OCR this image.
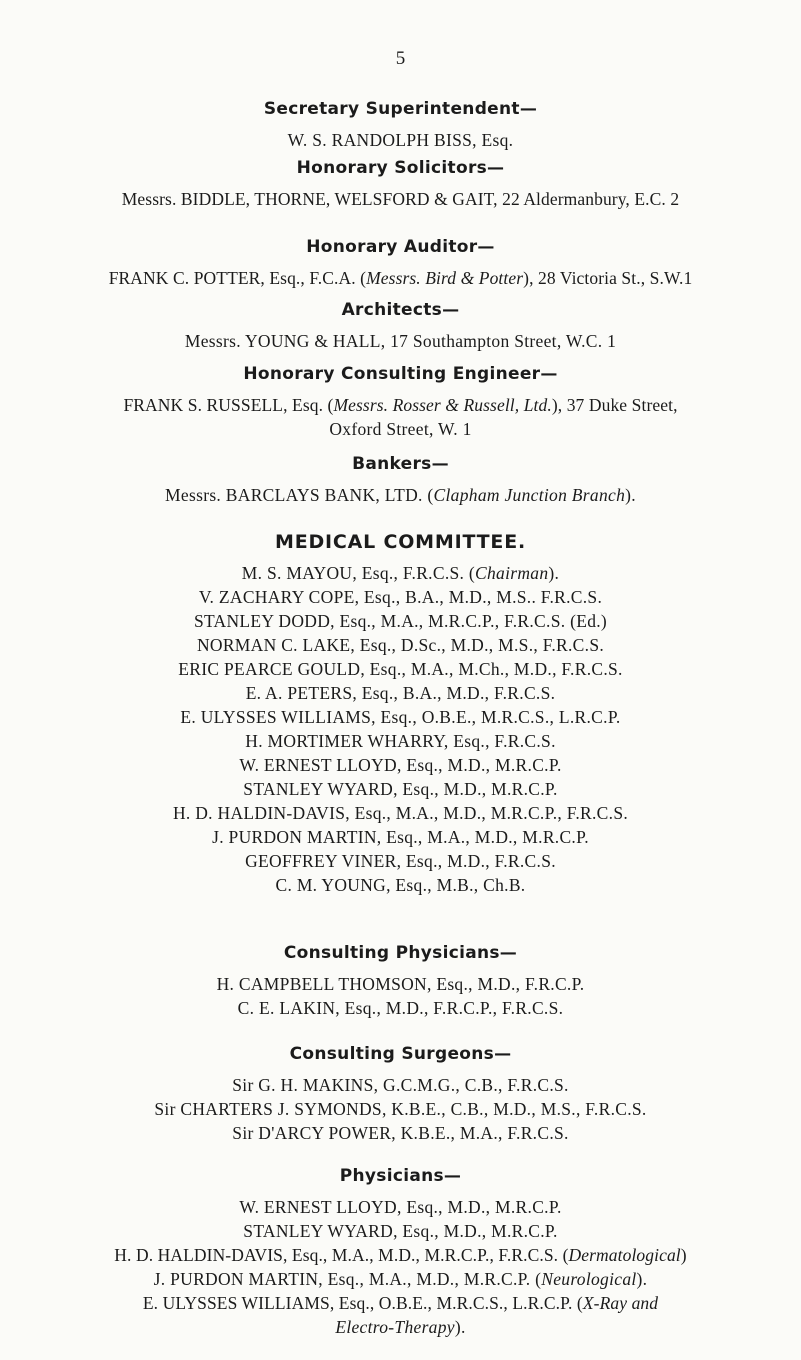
5
Secretary Superintendent—
W. S. RANDOLPH BISS, Esq.
Honorary Solicitors—
Messrs. BIDDLE, THORNE, WELSFORD & GAIT, 22 Aldermanbury, E.C. 2
Honorary Auditor—
FRANK C. POTTER, Esq., F.C.A. (Messrs. Bird & Potter), 28 Victoria St., S.W.1
Architects—
Messrs. YOUNG & HALL, 17 Southampton Street, W.C. 1
Honorary Consulting Engineer—
FRANK S. RUSSELL, Esq. (Messrs. Rosser & Russell, Ltd.), 37 Duke Street,
Oxford Street, W. 1
Bankers—
Messrs. BARCLAYS BANK, LTD. (Clapham Junction Branch).
MEDICAL COMMITTEE.
M. S. MAYOU, Esq., F.R.C.S. (Chairman).
V. ZACHARY COPE, Esq., B.A., M.D., M.S.. F.R.C.S.
STANLEY DODD, Esq., M.A., M.R.C.P., F.R.C.S. (Ed.)
NORMAN C. LAKE, Esq., D.Sc., M.D., M.S., F.R.C.S.
ERIC PEARCE GOULD, Esq., M.A., M.Ch., M.D., F.R.C.S.
E. A. PETERS, Esq., B.A., M.D., F.R.C.S.
E. ULYSSES WILLIAMS, Esq., O.B.E., M.R.C.S., L.R.C.P.
H. MORTIMER WHARRY, Esq., F.R.C.S.
W. ERNEST LLOYD, Esq., M.D., M.R.C.P.
STANLEY WYARD, Esq., M.D., M.R.C.P.
H. D. HALDIN-DAVIS, Esq., M.A., M.D., M.R.C.P., F.R.C.S.
J. PURDON MARTIN, Esq., M.A., M.D., M.R.C.P.
GEOFFREY VINER, Esq., M.D., F.R.C.S.
C. M. YOUNG, Esq., M.B., Ch.B.
Consulting Physicians—
H. CAMPBELL THOMSON, Esq., M.D., F.R.C.P.
C. E. LAKIN, Esq., M.D., F.R.C.P., F.R.C.S.
Consulting Surgeons—
Sir G. H. MAKINS, G.C.M.G., C.B., F.R.C.S.
Sir CHARTERS J. SYMONDS, K.B.E., C.B., M.D., M.S., F.R.C.S.
Sir D'ARCY POWER, K.B.E., M.A., F.R.C.S.
Physicians—
W. ERNEST LLOYD, Esq., M.D., M.R.C.P.
STANLEY WYARD, Esq., M.D., M.R.C.P.
H. D. HALDIN-DAVIS, Esq., M.A., M.D., M.R.C.P., F.R.C.S. (Dermatological)
J. PURDON MARTIN, Esq., M.A., M.D., M.R.C.P. (Neurological).
E. ULYSSES WILLIAMS, Esq., O.B.E., M.R.C.S., L.R.C.P. (X-Ray and
Electro-Therapy).
